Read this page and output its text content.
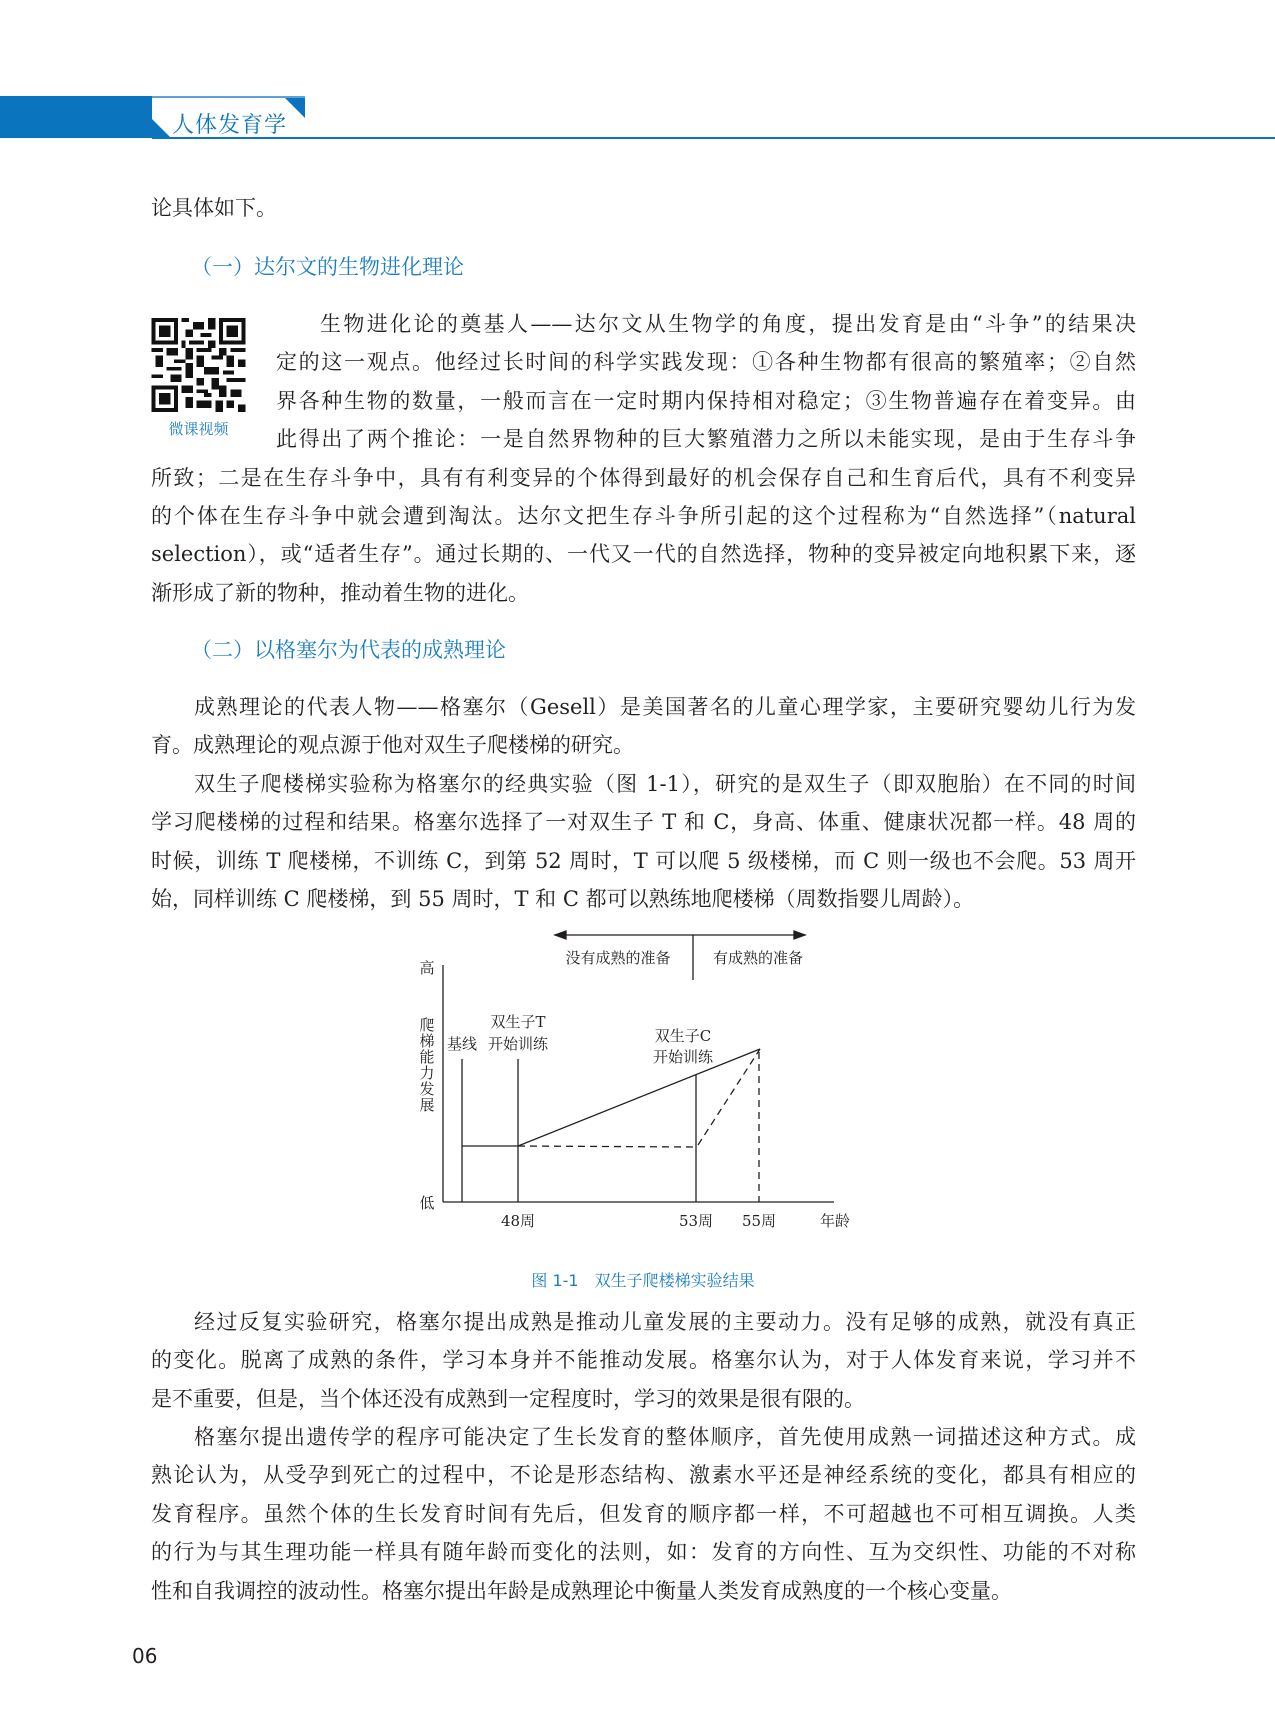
人体发育学
论具体如下。
（一）达尔文的生物进化理论
微课视频
生物进化论的奠基人——达尔文从生物学的角度，提出发育是由“斗争”的结果决
定的这一观点。他经过长时间的科学实践发现：①各种生物都有很高的繁殖率；②自然
界各种生物的数量，一般而言在一定时期内保持相对稳定；③生物普遍存在着变异。由
此得出了两个推论：一是自然界物种的巨大繁殖潜力之所以未能实现，是由于生存斗争
所致；二是在生存斗争中，具有有利变异的个体得到最好的机会保存自己和生育后代，具有不利变异
的个体在生存斗争中就会遭到淘汰。达尔文把生存斗争所引起的这个过程称为“自然选择”（natural
selection），或“适者生存”。通过长期的、一代又一代的自然选择，物种的变异被定向地积累下来，逐
渐形成了新的物种，推动着生物的进化。
（二）以格塞尔为代表的成熟理论
成熟理论的代表人物——格塞尔（Gesell）是美国著名的儿童心理学家，主要研究婴幼儿行为发
育。成熟理论的观点源于他对双生子爬楼梯的研究。
双生子爬楼梯实验称为格塞尔的经典实验（图 1-1），研究的是双生子（即双胞胎）在不同的时间
学习爬楼梯的过程和结果。格塞尔选择了一对双生子 T 和 C，身高、体重、健康状况都一样。48 周的
时候，训练 T 爬楼梯，不训练 C，到第 52 周时，T 可以爬 5 级楼梯，而 C 则一级也不会爬。53 周开
始，同样训练 C 爬楼梯，到 55 周时，T 和 C 都可以熟练地爬楼梯（周数指婴儿周龄）。
经过反复实验研究，格塞尔提出成熟是推动儿童发展的主要动力。没有足够的成熟，就没有真正
的变化。脱离了成熟的条件，学习本身并不能推动发展。格塞尔认为，对于人体发育来说，学习并不
是不重要，但是，当个体还没有成熟到一定程度时，学习的效果是很有限的。
格塞尔提出遗传学的程序可能决定了生长发育的整体顺序，首先使用成熟一词描述这种方式。成
熟论认为，从受孕到死亡的过程中，不论是形态结构、激素水平还是神经系统的变化，都具有相应的
发育程序。虽然个体的生长发育时间有先后，但发育的顺序都一样，不可超越也不可相互调换。人类
的行为与其生理功能一样具有随年龄而变化的法则，如：发育的方向性、互为交织性、功能的不对称
性和自我调控的波动性。格塞尔提出年龄是成熟理论中衡量人类发育成熟度的一个核心变量。
没有成熟的准备	有成熟的准备
高
低
爬梯能力发展
基线
双生子T
开始训练	双生子C
开始训练
48周	53周 55周	年龄
图 1-1　双生子爬楼梯实验结果
06
